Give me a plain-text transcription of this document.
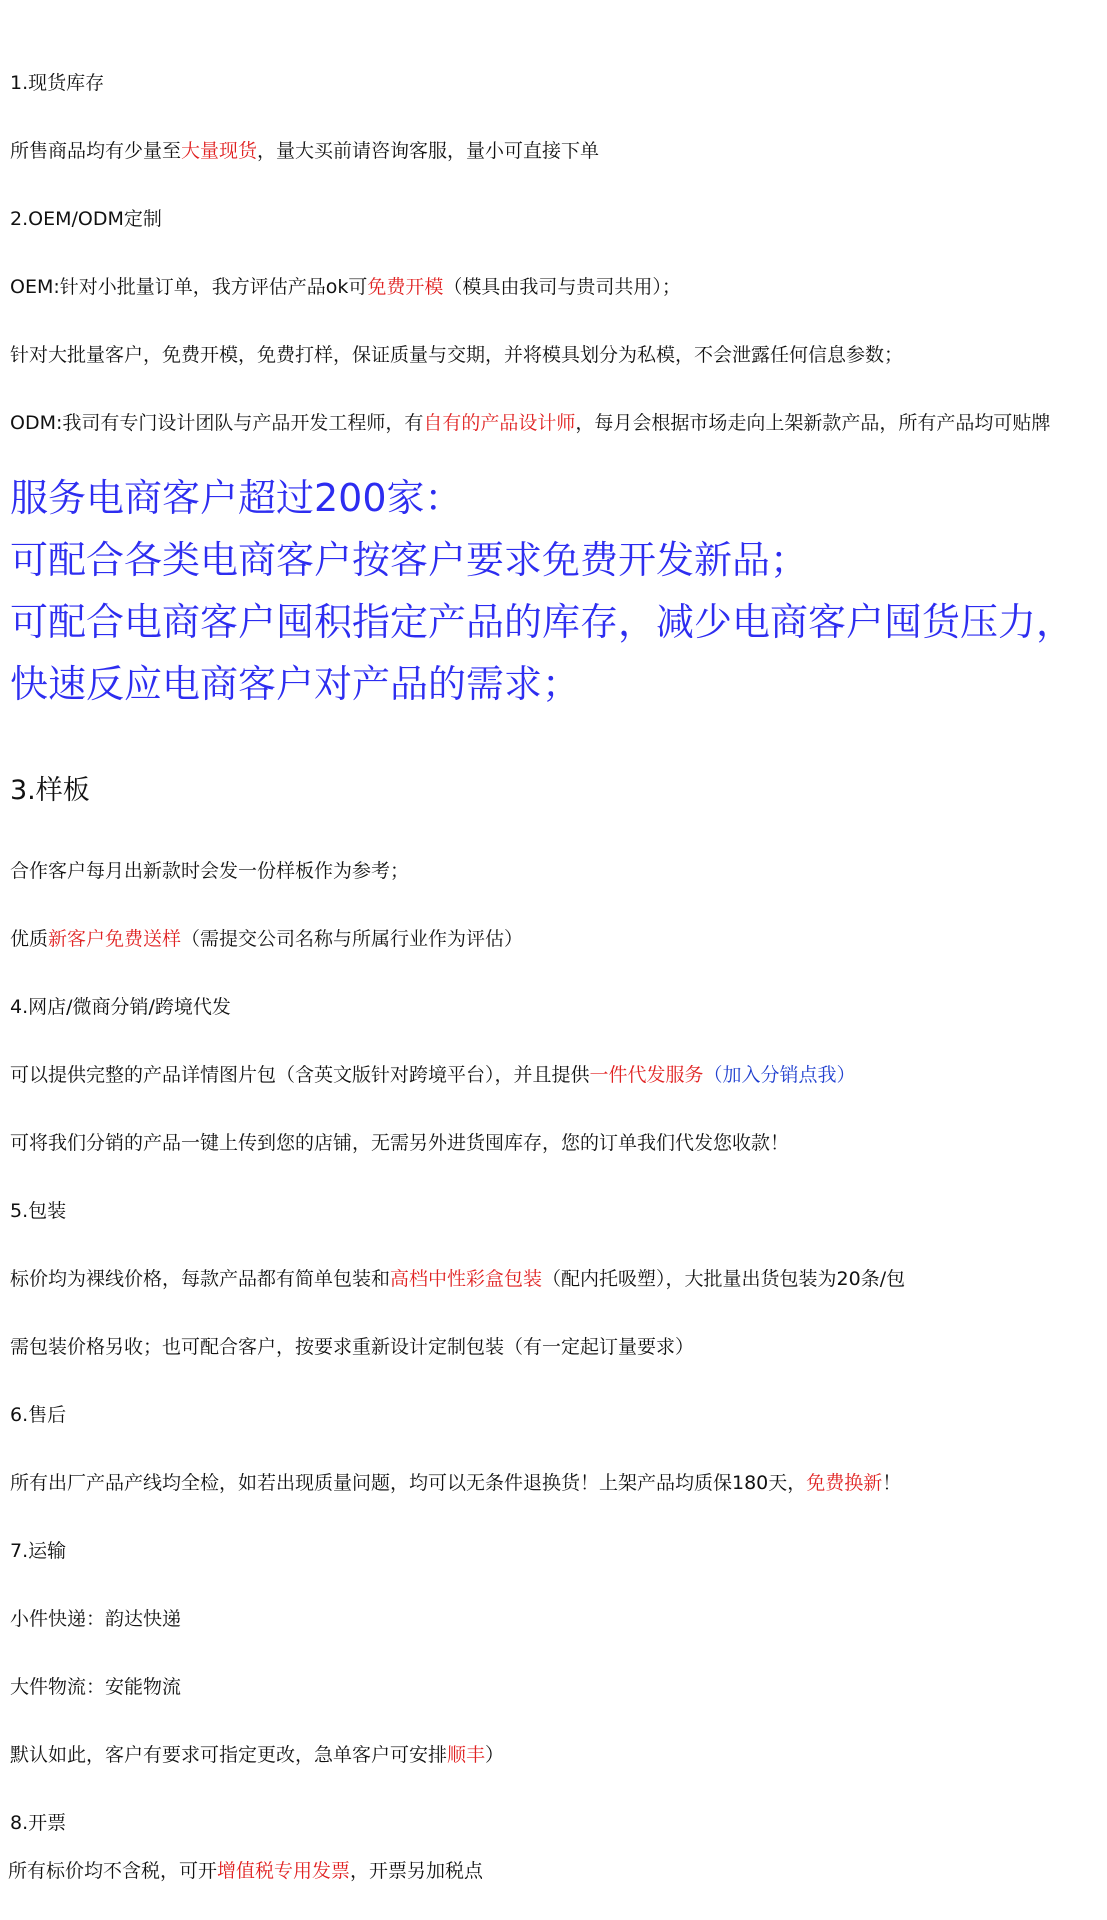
1.现货库存
所售商品均有少量至大量现货，量大买前请咨询客服，量小可直接下单
2.OEM/ODM定制
OEM:针对小批量订单，我方评估产品ok可免费开模（模具由我司与贵司共用）；
针对大批量客户，免费开模，免费打样，保证质量与交期，并将模具划分为私模，不会泄露任何信息参数；
ODM:我司有专门设计团队与产品开发工程师，有自有的产品设计师，每月会根据市场走向上架新款产品，所有产品均可贴牌
服务电商客户超过200家：
可配合各类电商客户按客户要求免费开发新品；
可配合电商客户囤积指定产品的库存，减少电商客户囤货压力，
快速反应电商客户对产品的需求；
3.样板
合作客户每月出新款时会发一份样板作为参考；
优质新客户免费送样（需提交公司名称与所属行业作为评估）
4.网店/微商分销/跨境代发
可以提供完整的产品详情图片包（含英文版针对跨境平台），并且提供一件代发服务（加入分销点我）
可将我们分销的产品一键上传到您的店铺，无需另外进货囤库存，您的订单我们代发您收款！
5.包装
标价均为裸线价格，每款产品都有简单包装和高档中性彩盒包装（配内托吸塑），大批量出货包装为20条/包
需包装价格另收；也可配合客户，按要求重新设计定制包装（有一定起订量要求）
6.售后
所有出厂产品产线均全检，如若出现质量问题，均可以无条件退换货！上架产品均质保180天，免费换新！
7.运输
小件快递：韵达快递
大件物流：安能物流
默认如此，客户有要求可指定更改，急单客户可安排顺丰）
8.开票
所有标价均不含税，可开增值税专用发票，开票另加税点
